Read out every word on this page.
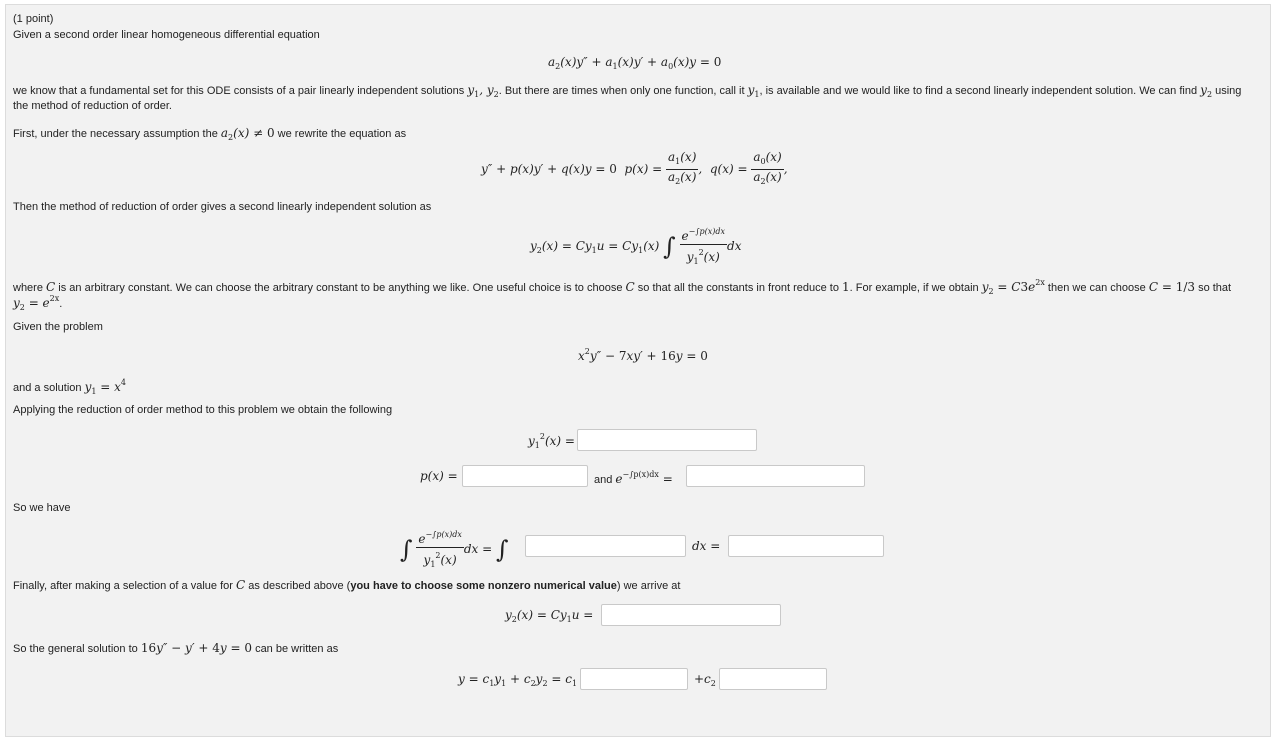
(1 point)
Given a second order linear homogeneous differential equation
$a_2(x)y'' + a_1(x)y' + a_0(x)y = 0$
we know that a fundamental set for this ODE consists of a pair linearly independent solutions $y_1$, $y_2$. But there are times when only one function, call it $y_1$, is available and we would like to find a second linearly independent solution. We can find $y_2$ using
the method of reduction of order.
First, under the necessary assumption the $a_2(x) \ne 0$ we rewrite the equation as
y″ + p(x)y′ + q(x)y = 0  $p(x) = \frac{a_1(x)}{a_2(x)}$ ,  $q(x) = \frac{a_0(x)}{a_2(x)}$ ,
Then the method of reduction of order gives a second linearly independent solution as
$y_2(x) = Cy_1u = Cy_1(x)$ ∫ $\frac{e^{-\int p(x)dx}}{y_1^2(x)}$ dx
where C is an arbitrary constant. We can choose the arbitrary constant to be anything we like. One useful choice is to choose C so that all the constants in front reduce to 1. For example, if we obtain $y_2 = C3e^{2x}$ then we can choose C = 1/3 so that
$y_2 = e^{2x}$.
Given the problem
$x^2y'' - 7xy' + 16y = 0$
and a solution $y_1 = x^4$
Applying the reduction of order method to this problem we obtain the following
$y_1^2(x)$ =
p(x) =	and $e^{-\int p(x)dx}$ =
So we have
∫ $\frac{e^{-\int p(x)dx}}{y_1^2(x)}$ dx = ∫	dx =
Finally, after making a selection of a value for C as described above (you have to choose some nonzero numerical value) we arrive at
$y_2(x) = Cy_1u$ =
So the general solution to 16y″ − y′ + 4y = 0 can be written as
$y = c_1y_1 + c_2y_2 = c_1$	$+c_2$
